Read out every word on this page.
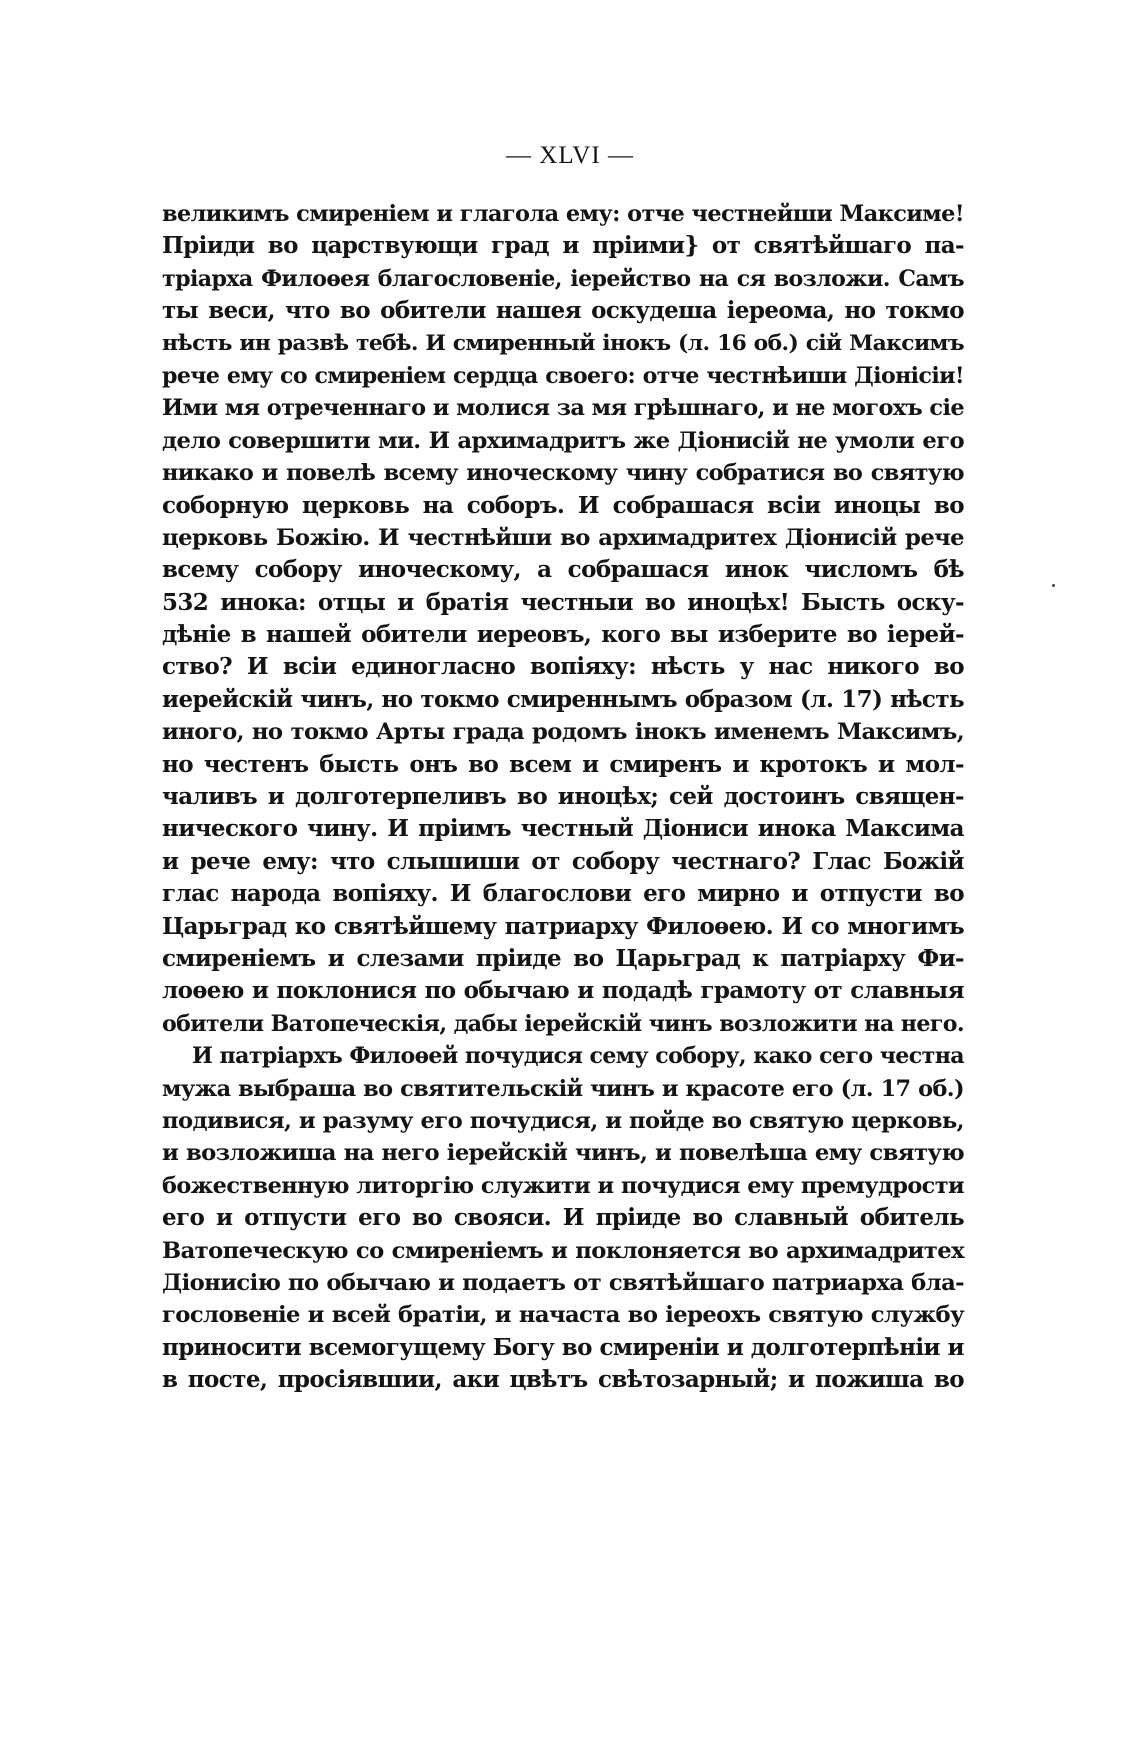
— XLVI —
великимъ смиреніем и глагола ему: отче честнейши Максиме!
Пріиди во царствующи град и пріими} от святѣйшаго па-
тріарха Филоѳея благословеніе, іерейство на ся возложи. Самъ
ты веси, что во обители нашея оскудеша іереома, но токмо
нѣсть ин развѣ тебѣ. И смиренный інокъ (л. 16 об.) сій Максимъ
рече ему со смиреніем сердца своего: отче честнѣиши Діонісіи!
Ими мя отреченнаго и молися за мя грѣшнаго, и не могохъ сіе
дело совершити ми. И архимадритъ же Діонисій не умоли его
никако и повелѣ всему иноческому чину собратися во святую
соборную церковь на соборъ. И собрашася всіи иноцы во
церковь Божію. И честнѣйши во архимадритех Діонисій рече
всему собору иноческому, а собрашася инок числомъ бѣ
532 инока: отцы и братія честныи во иноцѣх! Бысть оску-
дѣніе в нашей обители иереовъ, кого вы изберите во іерей-
ство? И всіи единогласно вопіяху: нѣсть у нас никого во
иерейскій чинъ, но токмо смиреннымъ образом (л. 17) нѣсть
иного, но токмо Арты града родомъ інокъ именемъ Максимъ,
но честенъ бысть онъ во всем и смиренъ и кротокъ и мол-
чаливъ и долготерпеливъ во иноцѣх; сей достоинъ священ-
нического чину. И пріимъ честный Діониси инока Максима
и рече ему: что слышиши от собору честнаго? Глас Божій
глас народа вопіяху. И благослови его мирно и отпусти во
Царьград ко святѣйшему патриарху Филоѳею. И со многимъ
смиреніемъ и слезами пріиде во Царьград к патріарху Фи-
лоѳею и поклонися по обычаю и подадѣ грамоту от славныя
обители Ватопеческія, дабы іерейскій чинъ возложити на него.
И патріархъ Филоѳей почудися сему собору, како сего честна
мужа выбраша во святительскій чинъ и красоте его (л. 17 об.)
подивися, и разуму его почудися, и пойде во святую церковь,
и возложиша на него іерейскій чинъ, и повелѣша ему святую
божественную литоргію служити и почудися ему премудрости
его и отпусти его во свояси. И пріиде во славный обитель
Ватопеческую со смиреніемъ и поклоняется во архимадритех
Діонисію по обычаю и подаетъ от святѣйшаго патриарха бла-
гословеніе и всей братіи, и начаста во іереохъ святую службу
приносити всемогущему Богу во смиреніи и долготерпѣніи и
в посте, просіявшии, аки цвѣтъ свѣтозарный; и пожиша во
